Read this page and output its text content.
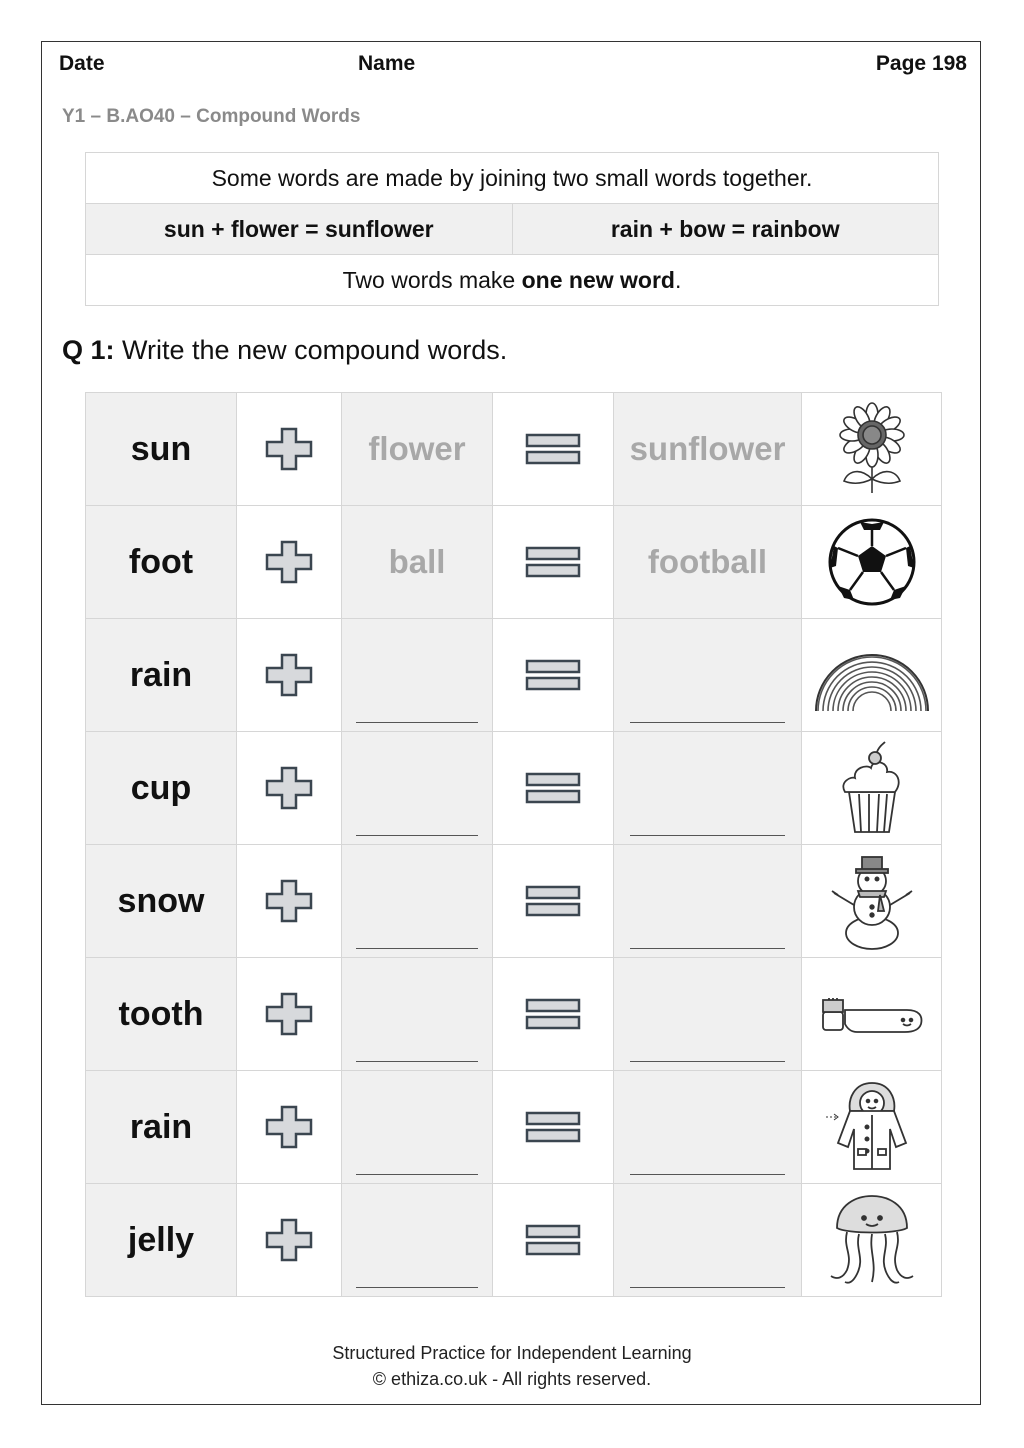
Date	Name	Page 198
Y1 – B.AO40 – Compound Words
Some words are made by joining two small words together.
sun + flower = sunflower	rain + bow = rainbow
Two words make one new word.
Q 1: Write the new compound words.
sun		flower		sunflower	

foot		ball		football	

rain	

cup	

snow	

tooth	

rain	

jelly	

Structured Practice for Independent Learning
© ethiza.co.uk - All rights reserved.
